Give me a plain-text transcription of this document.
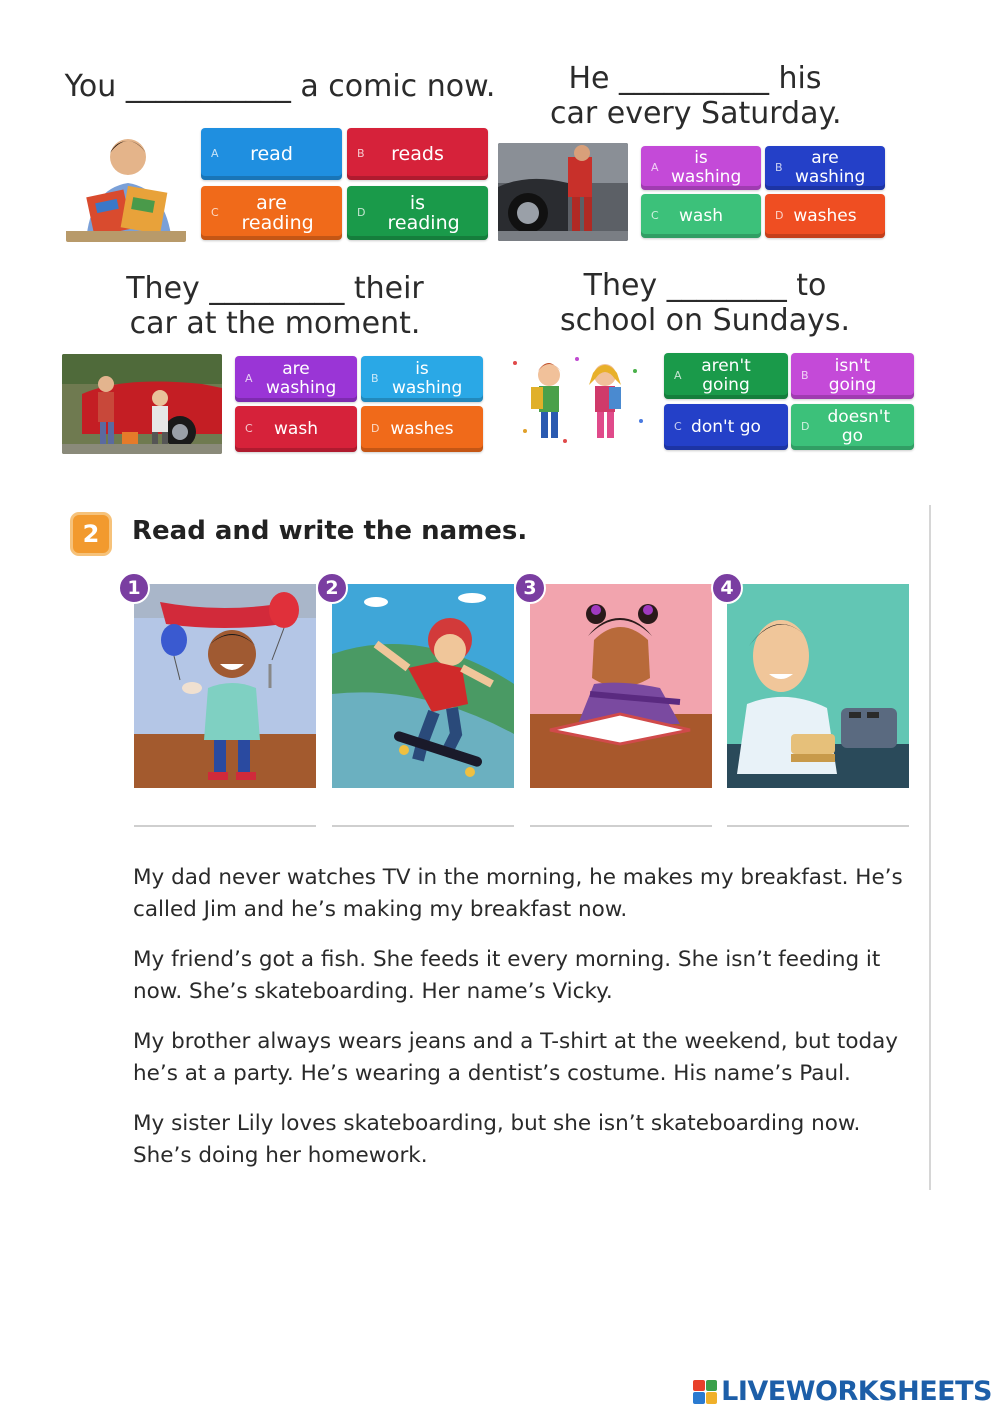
You ___________ a comic now.
A	read	B	reads
C	are reading	D	is reading
He __________ his
car every Saturday.
A	is washing	B	are washing
C	wash	D washes
They _________ their
car at the moment.
A	are washing	B	is washing
C	wash	D washes
They ________ to
school on Sundays.
A	aren't going	B	isn't going
C don't go	D	doesn't go
2	Read and write the names.
1	2	3	4
My dad never watches TV in the morning, he makes my breakfast. He’s called Jim and he’s making my breakfast now.
My friend’s got a fish. She feeds it every morning. She isn’t feeding it now. She’s skateboarding. Her name’s Vicky.
My brother always wears jeans and a T-shirt at the weekend, but today he’s at a party. He’s wearing a dentist’s costume. His name’s Paul.
My sister Lily loves skateboarding, but she isn’t skateboarding now. She’s doing her homework.
LIVEWORKSHEETS
